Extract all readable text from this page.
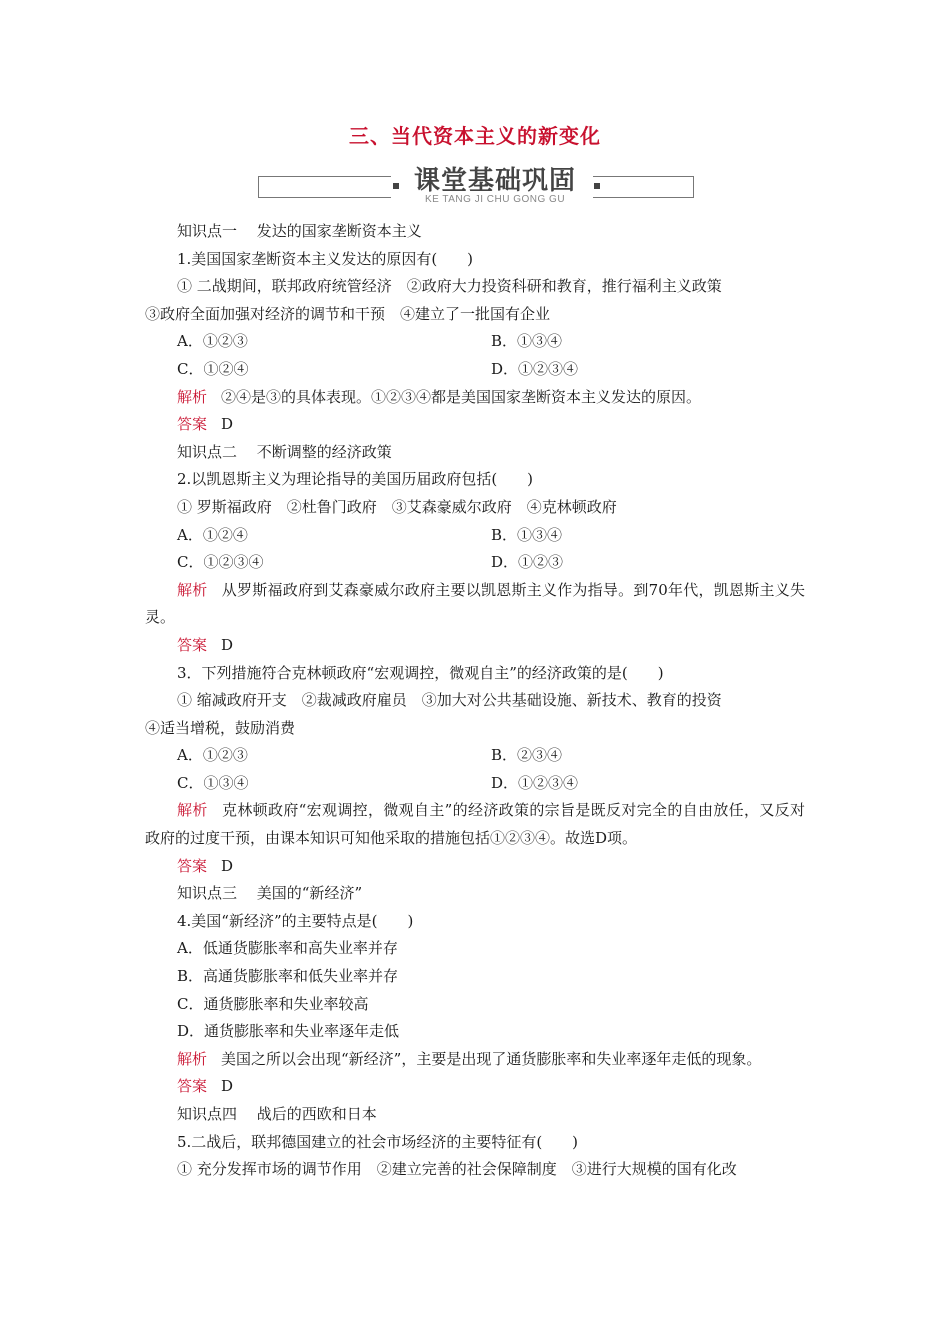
三、当代资本主义的新变化
课堂基础巩固
KE TANG JI CHU GONG GU
知识点一　 发达的国家垄断资本主义
1.美国国家垄断资本主义发达的原因有(　　)
① 二战期间，联邦政府统管经济　②政府大力投资科研和教育，推行福利主义政策
③政府全面加强对经济的调节和干预　④建立了一批国有企业
A．①②③	B．①③④
C．①②④	D．①②③④
解析 ②④是③的具体表现。①②③④都是美国国家垄断资本主义发达的原因。
答案 D
知识点二　 不断调整的经济政策
2.以凯恩斯主义为理论指导的美国历届政府包括(　　)
① 罗斯福政府　②杜鲁门政府　③艾森豪威尔政府　④克林顿政府
A．①②④	B．①③④
C．①②③④	D．①②③
解析 从罗斯福政府到艾森豪威尔政府主要以凯恩斯主义作为指导。到70年代，凯恩斯主义失灵。
答案 D
3．下列措施符合克林顿政府“宏观调控，微观自主”的经济政策的是(　　)
① 缩减政府开支　②裁减政府雇员　③加大对公共基础设施、新技术、教育的投资
④适当增税，鼓励消费
A．①②③	B．②③④
C．①③④	D．①②③④
解析 克林顿政府“宏观调控，微观自主”的经济政策的宗旨是既反对完全的自由放任，又反对政府的过度干预，由课本知识可知他采取的措施包括①②③④。故选D项。
答案 D
知识点三　 美国的“新经济”
4.美国“新经济”的主要特点是(　　)
A．低通货膨胀率和高失业率并存
B．高通货膨胀率和低失业率并存
C．通货膨胀率和失业率较高
D．通货膨胀率和失业率逐年走低
解析 美国之所以会出现“新经济”，主要是出现了通货膨胀率和失业率逐年走低的现象。
答案 D
知识点四　 战后的西欧和日本
5.二战后，联邦德国建立的社会市场经济的主要特征有(　　)
① 充分发挥市场的调节作用　②建立完善的社会保障制度　③进行大规模的国有化改
